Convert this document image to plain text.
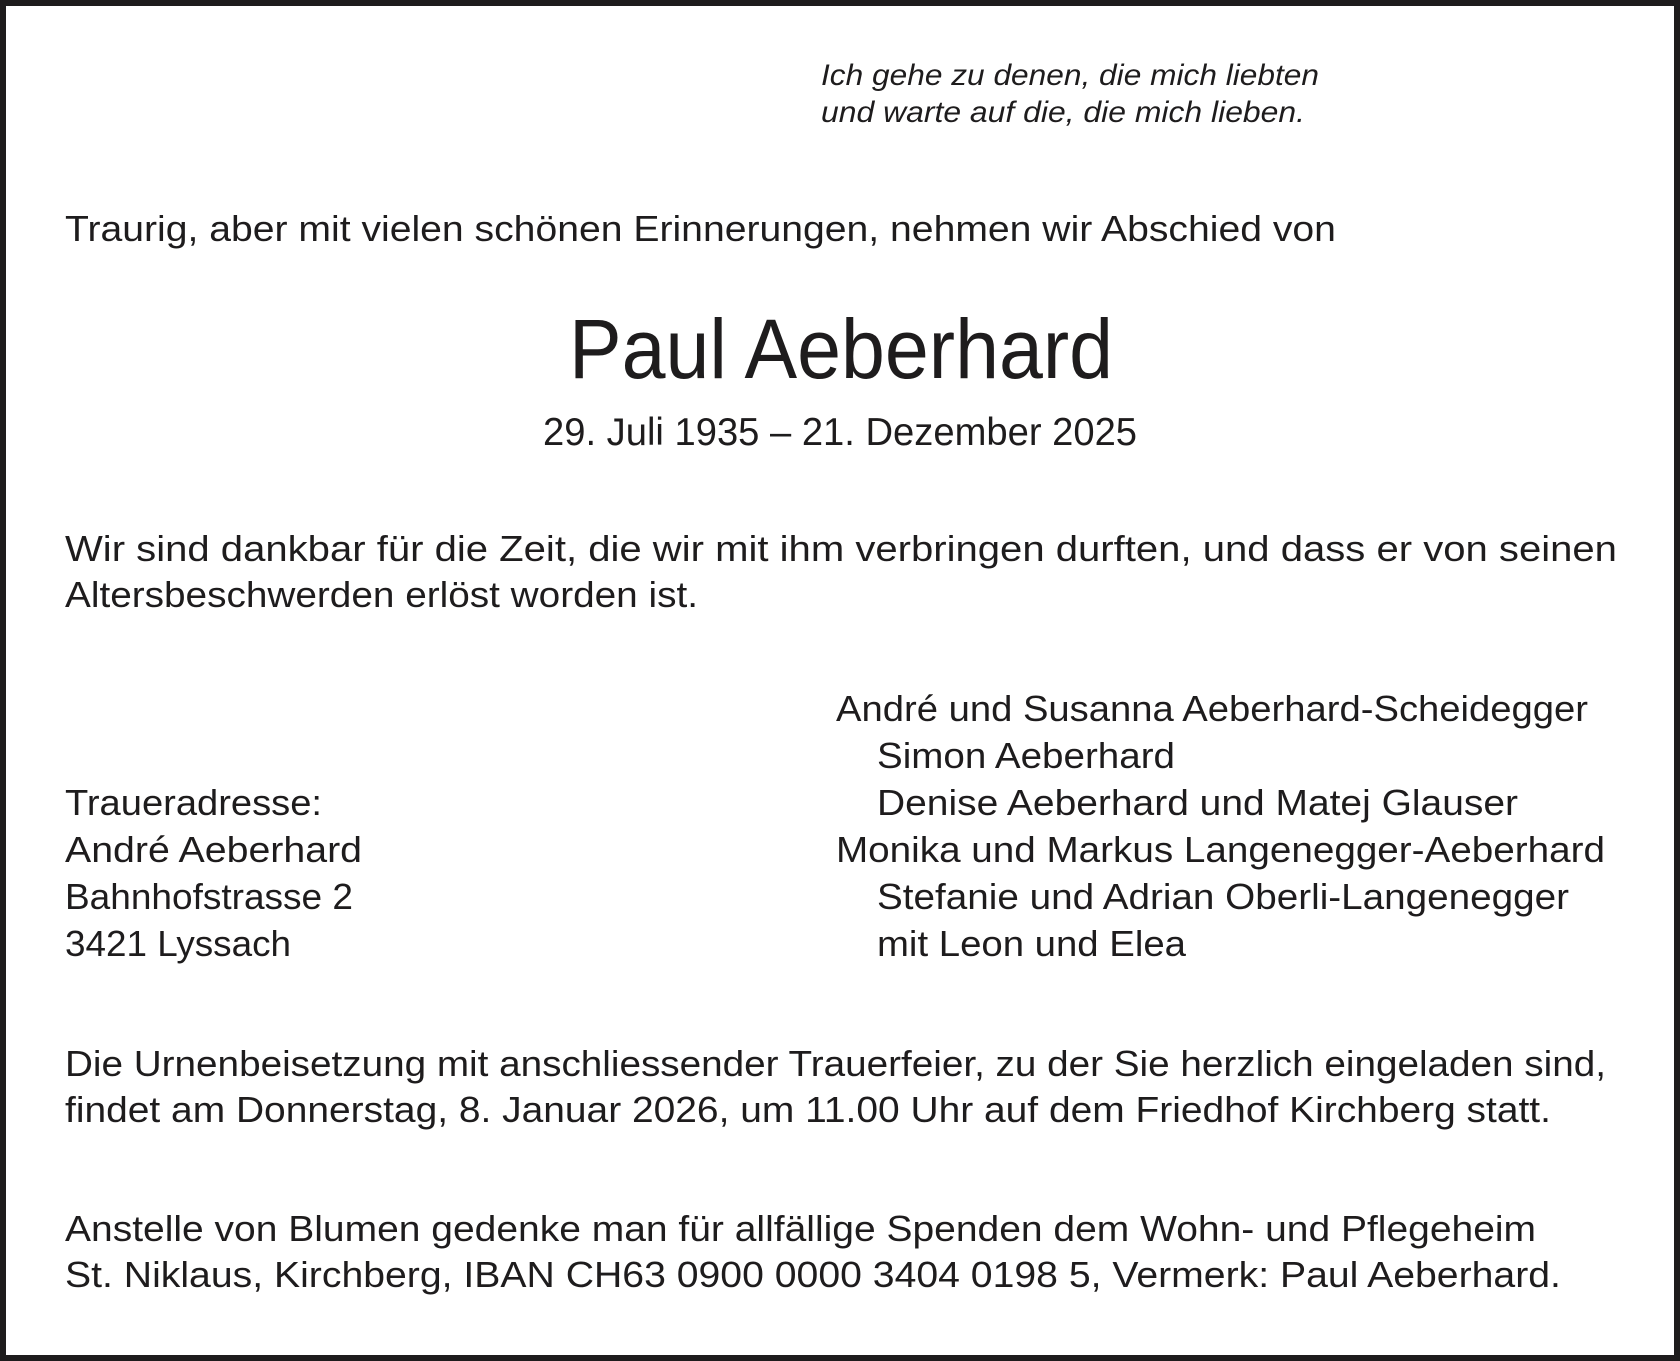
Ich gehe zu denen, die mich liebten
und warte auf die, die mich lieben.
Traurig, aber mit vielen schönen Erinnerungen, nehmen wir Abschied von
Paul Aeberhard
29. Juli 1935 – 21. Dezember 2025
Wir sind dankbar für die Zeit, die wir mit ihm verbringen durften, und dass er von seinen
Altersbeschwerden erlöst worden ist.
André und Susanna Aeberhard-Scheidegger
Simon Aeberhard
Denise Aeberhard und Matej Glauser
Monika und Markus Langenegger-Aeberhard
Stefanie und Adrian Oberli-Langenegger
mit Leon und Elea
Traueradresse:
André Aeberhard
Bahnhofstrasse 2
3421 Lyssach
Die Urnenbeisetzung mit anschliessender Trauerfeier, zu der Sie herzlich eingeladen sind,
findet am Donnerstag, 8. Januar 2026, um 11.00 Uhr auf dem Friedhof Kirchberg statt.
Anstelle von Blumen gedenke man für allfällige Spenden dem Wohn- und Pflegeheim
St. Niklaus, Kirchberg, IBAN CH63 0900 0000 3404 0198 5, Vermerk: Paul Aeberhard.
